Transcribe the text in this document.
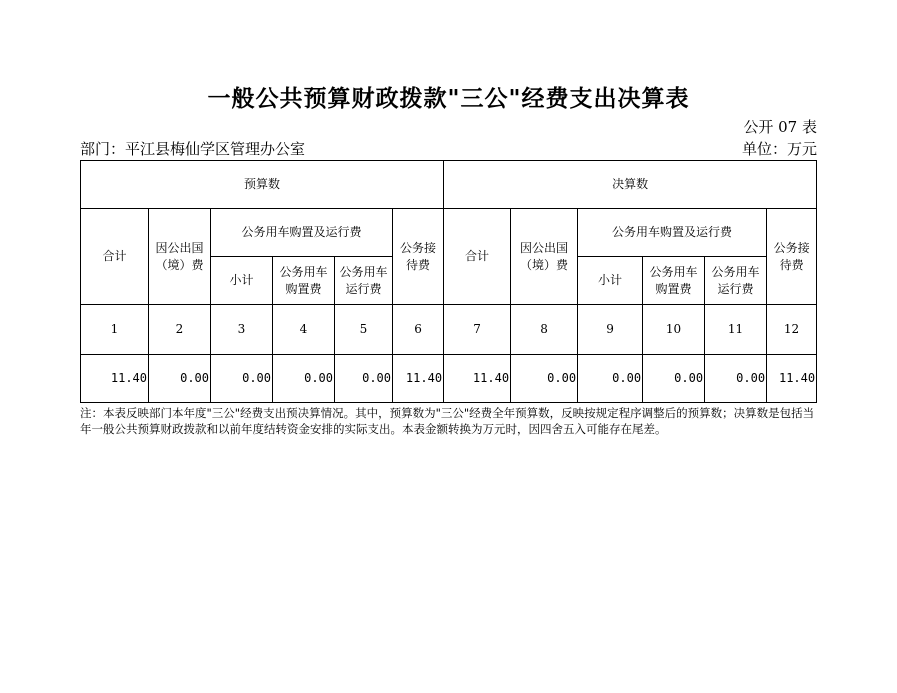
一般公共预算财政拨款"三公"经费支出决算表
公开 07 表
部门：平江县梅仙学区管理办公室	单位：万元
预算数						决算数					
合计	因公出国（境）费	公务用车购置及运行费			公务接待费	合计	因公出国（境）费	公务用车购置及运行费			公务接待费
		小计	公务用车购置费	公务用车运行费				小计	公务用车购置费	公务用车运行费	
1	2	3	4	5	6	7	8	9	10	11	12
11.40	0.00	0.00	0.00	0.00	11.40	11.40	0.00	0.00	0.00	0.00	11.40
注：本表反映部门本年度"三公"经费支出预决算情况。其中，预算数为"三公"经费全年预算数，反映按规定程序调整后的预算数；决算数是包括当年一般公共预算财政拨款和以前年度结转资金安排的实际支出。本表金额转换为万元时，因四舍五入可能存在尾差。
